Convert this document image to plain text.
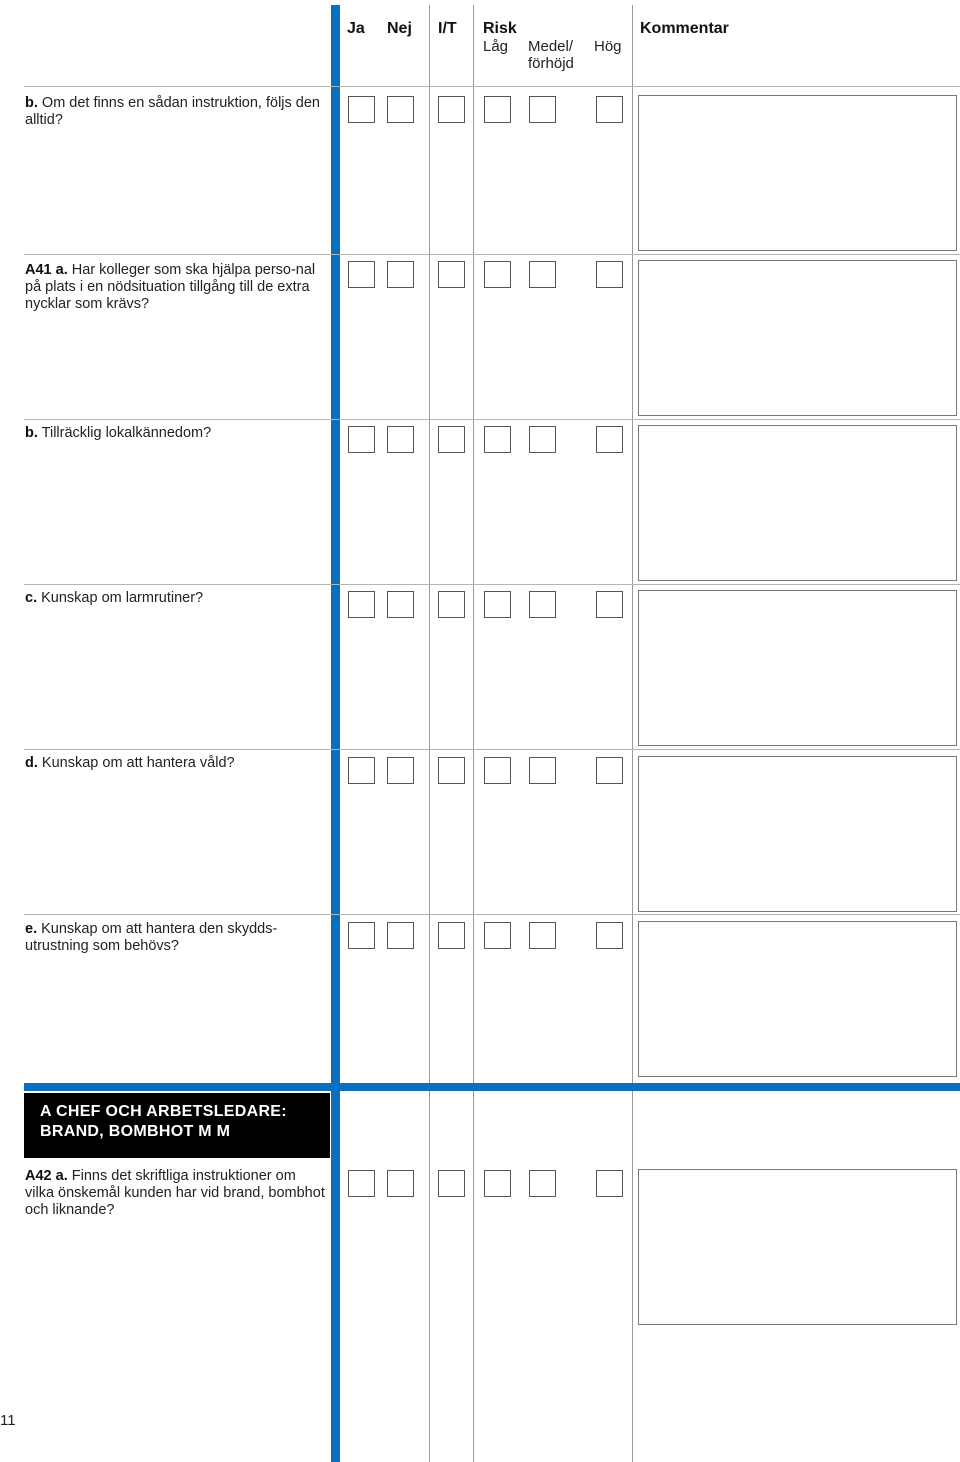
Ja Nej I/T Risk
Låg Medel/
förhöjd
Hög
Kommentar
b. Om det finns en sådan instruktion, följs den alltid?
A41 a. Har kolleger som ska hjälpa perso-nal på plats i en nödsituation tillgång till de extra nycklar som krävs?
b. Tillräcklig lokalkännedom?
c. Kunskap om larmrutiner?
d. Kunskap om att hantera våld?
e. Kunskap om att hantera den skydds-utrustning som behövs?
A CHEF OCH ARBETSLEDARE:
BRAND, BOMBHOT M M
A42 a. Finns det skriftliga instruktioner om vilka önskemål kunden har vid brand, bombhot och liknande?
11
